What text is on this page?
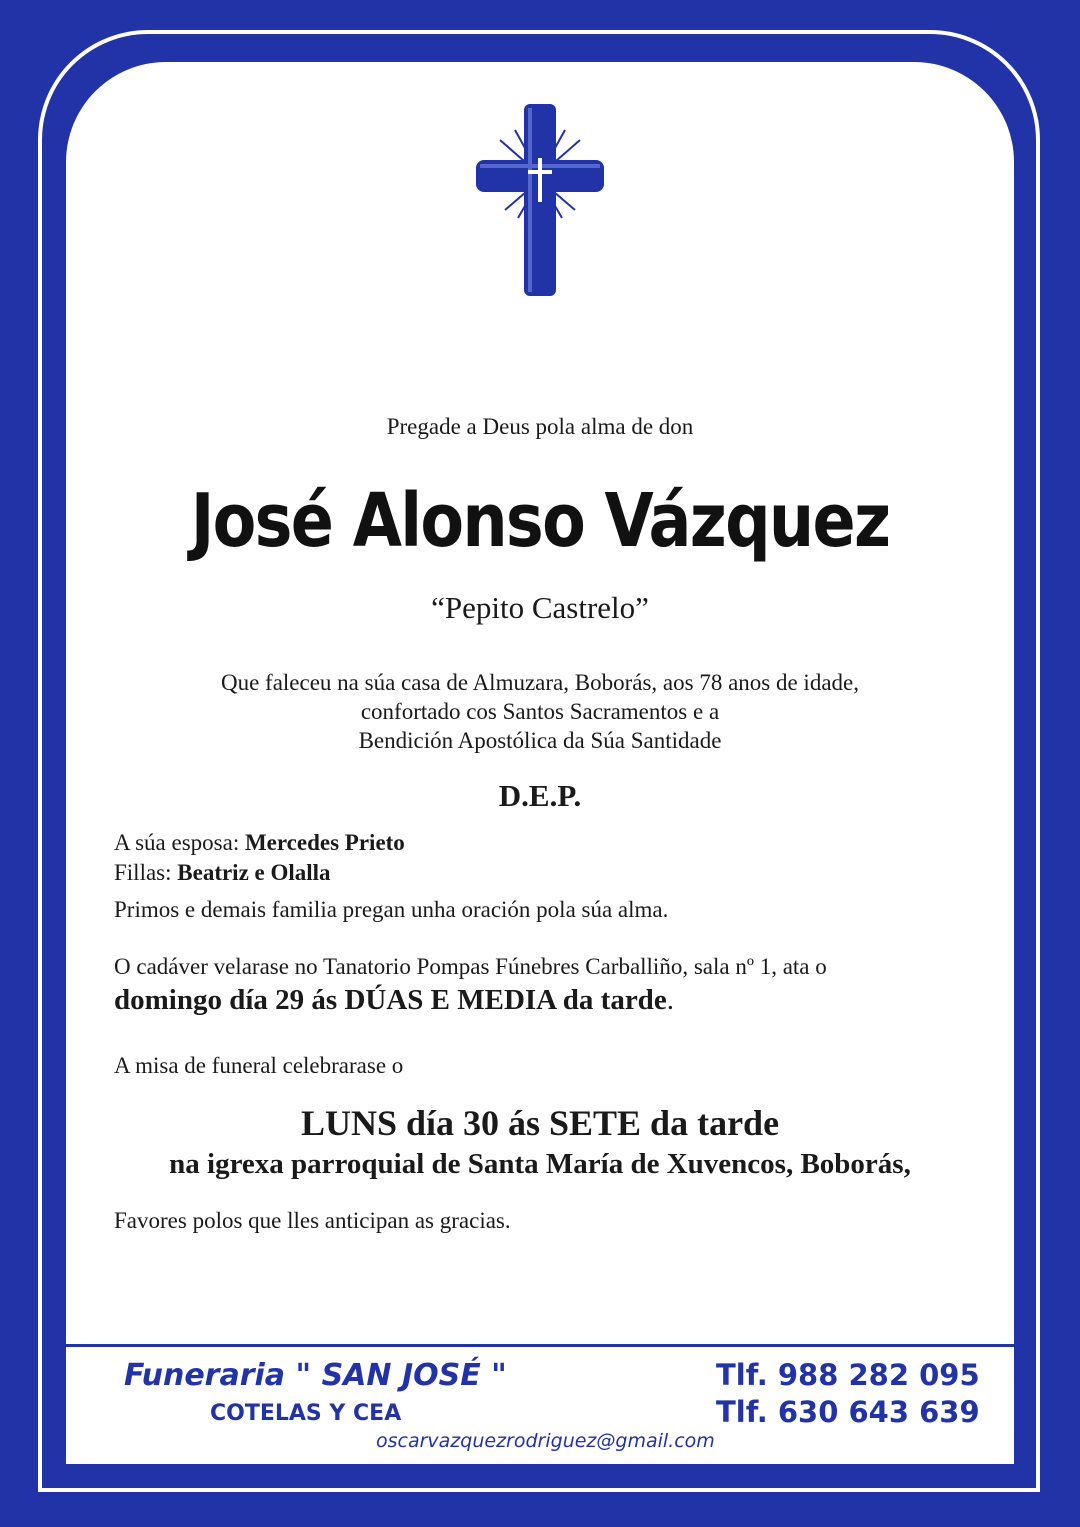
Pregade a Deus pola alma de don
José Alonso Vázquez
“Pepito Castrelo”
Que faleceu na súa casa de Almuzara, Boborás, aos 78 anos de idade,
confortado cos Santos Sacramentos e a
Bendición Apostólica da Súa Santidade
D.E.P.
A súa esposa: Mercedes Prieto
Fillas: Beatriz e Olalla
Primos e demais familia pregan unha oración pola súa alma.
O cadáver velarase no Tanatorio Pompas Fúnebres Carballiño, sala nº 1, ata o
domingo día 29 ás DÚAS E MEDIA da tarde.
A misa de funeral celebrarase o
LUNS día 30 ás SETE da tarde
na igrexa parroquial de Santa María de Xuvencos, Boborás,
Favores polos que lles anticipan as gracias.
Funeraria " SAN JOSÉ "
COTELAS Y CEA
Tlf. 988 282 095
Tlf. 630 643 639
oscarvazquezrodriguez@gmail.com
